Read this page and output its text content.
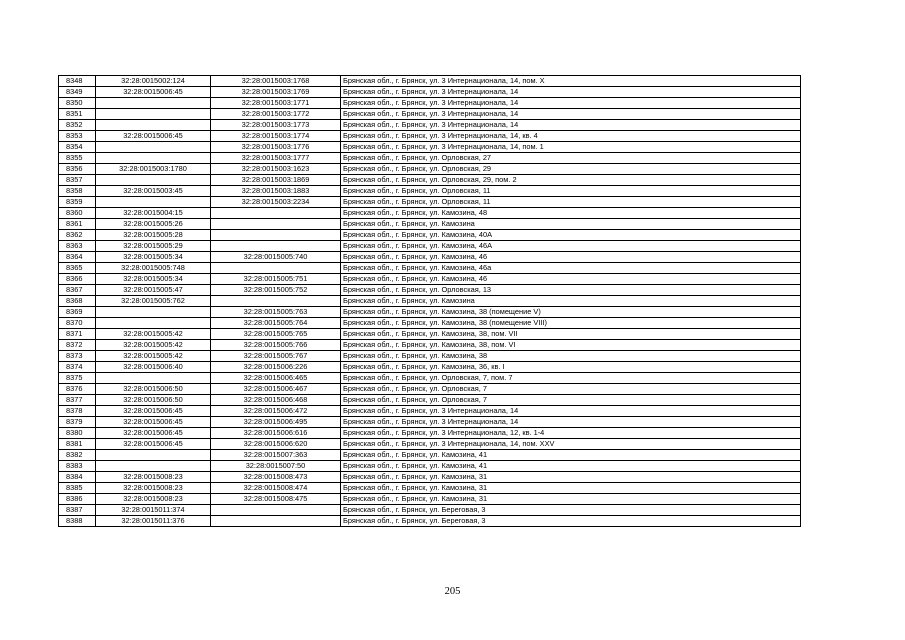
8348	32:28:0015002:124	32:28:0015003:1768	Брянская обл., г. Брянск, ул. 3 Интернационала, 14, пом. X
8349	32:28:0015006:45	32:28:0015003:1769	Брянская обл., г. Брянск, ул. 3 Интернационала, 14
8350		32:28:0015003:1771	Брянская обл., г. Брянск, ул. 3 Интернационала, 14
8351		32:28:0015003:1772	Брянская обл., г. Брянск, ул. 3 Интернационала, 14
8352		32:28:0015003:1773	Брянская обл., г. Брянск, ул. 3 Интернационала, 14
8353	32:28:0015006:45	32:28:0015003:1774	Брянская обл., г. Брянск, ул. 3 Интернационала, 14, кв. 4
8354		32:28:0015003:1776	Брянская обл., г. Брянск, ул. 3 Интернационала, 14, пом. 1
8355		32:28:0015003:1777	Брянская обл., г. Брянск, ул. Орловская, 27
8356	32:28:0015003:1780	32:28:0015003:1623	Брянская обл., г. Брянск, ул. Орловская, 29
8357		32:28:0015003:1869	Брянская обл., г. Брянск, ул. Орловская, 29, пом. 2
8358	32:28:0015003:45	32:28:0015003:1883	Брянская обл., г. Брянск, ул. Орловская, 11
8359		32:28:0015003:2234	Брянская обл., г. Брянск, ул. Орловская, 11
8360	32:28:0015004:15		Брянская обл., г. Брянск, ул. Камозина, 48
8361	32:28:0015005:26		Брянская обл., г. Брянск, ул. Камозина
8362	32:28:0015005:28		Брянская обл., г. Брянск, ул. Камозина, 40А
8363	32:28:0015005:29		Брянская обл., г. Брянск, ул. Камозина, 46А
8364	32:28:0015005:34	32:28:0015005:740	Брянская обл., г. Брянск, ул. Камозина, 46
8365	32:28:0015005:748		Брянская обл., г. Брянск, ул. Камозина, 46а
8366	32:28:0015005:34	32:28:0015005:751	Брянская обл., г. Брянск, ул. Камозина, 46
8367	32:28:0015005:47	32:28:0015005:752	Брянская обл., г. Брянск, ул. Орловская, 13
8368	32:28:0015005:762		Брянская обл., г. Брянск, ул. Камозина
8369		32:28:0015005:763	Брянская обл., г. Брянск, ул. Камозина, 38 (помещение V)
8370		32:28:0015005:764	Брянская обл., г. Брянск, ул. Камозина, 38 (помещение VIII)
8371	32:28:0015005:42	32:28:0015005:765	Брянская обл., г. Брянск, ул. Камозина, 38, пом. VII
8372	32:28:0015005:42	32:28:0015005:766	Брянская обл., г. Брянск, ул. Камозина, 38, пом. VI
8373	32:28:0015005:42	32:28:0015005:767	Брянская обл., г. Брянск, ул. Камозина, 38
8374	32:28:0015006:40	32:28:0015006:226	Брянская обл., г. Брянск, ул. Камозина, 36, кв. I
8375		32:28:0015006:465	Брянская обл., г. Брянск, ул. Орловская, 7, пом. 7
8376	32:28:0015006:50	32:28:0015006:467	Брянская обл., г. Брянск, ул. Орловская, 7
8377	32:28:0015006:50	32:28:0015006:468	Брянская обл., г. Брянск, ул. Орловская, 7
8378	32:28:0015006:45	32:28:0015006:472	Брянская обл., г. Брянск, ул. 3 Интернационала, 14
8379	32:28:0015006:45	32:28:0015006:495	Брянская обл., г. Брянск, ул. 3 Интернационала, 14
8380	32:28:0015006:45	32:28:0015006:616	Брянская обл., г. Брянск, ул. 3 Интернационала, 12, кв. 1-4
8381	32:28:0015006:45	32:28:0015006:620	Брянская обл., г. Брянск, ул. 3 Интернационала, 14, пом. XXV
8382		32:28:0015007:363	Брянская обл., г. Брянск, ул. Камозина, 41
8383		32:28:0015007:50	Брянская обл., г. Брянск, ул. Камозина, 41
8384	32:28:0015008:23	32:28:0015008:473	Брянская обл., г. Брянск, ул. Камозина, 31
8385	32:28:0015008:23	32:28:0015008:474	Брянская обл., г. Брянск, ул. Камозина, 31
8386	32:28:0015008:23	32:28:0015008:475	Брянская обл., г. Брянск, ул. Камозина, 31
8387	32:28:0015011:374		Брянская обл., г. Брянск, ул. Береговая, 3
8388	32:28:0015011:376		Брянская обл., г. Брянск, ул. Береговая, 3
205
